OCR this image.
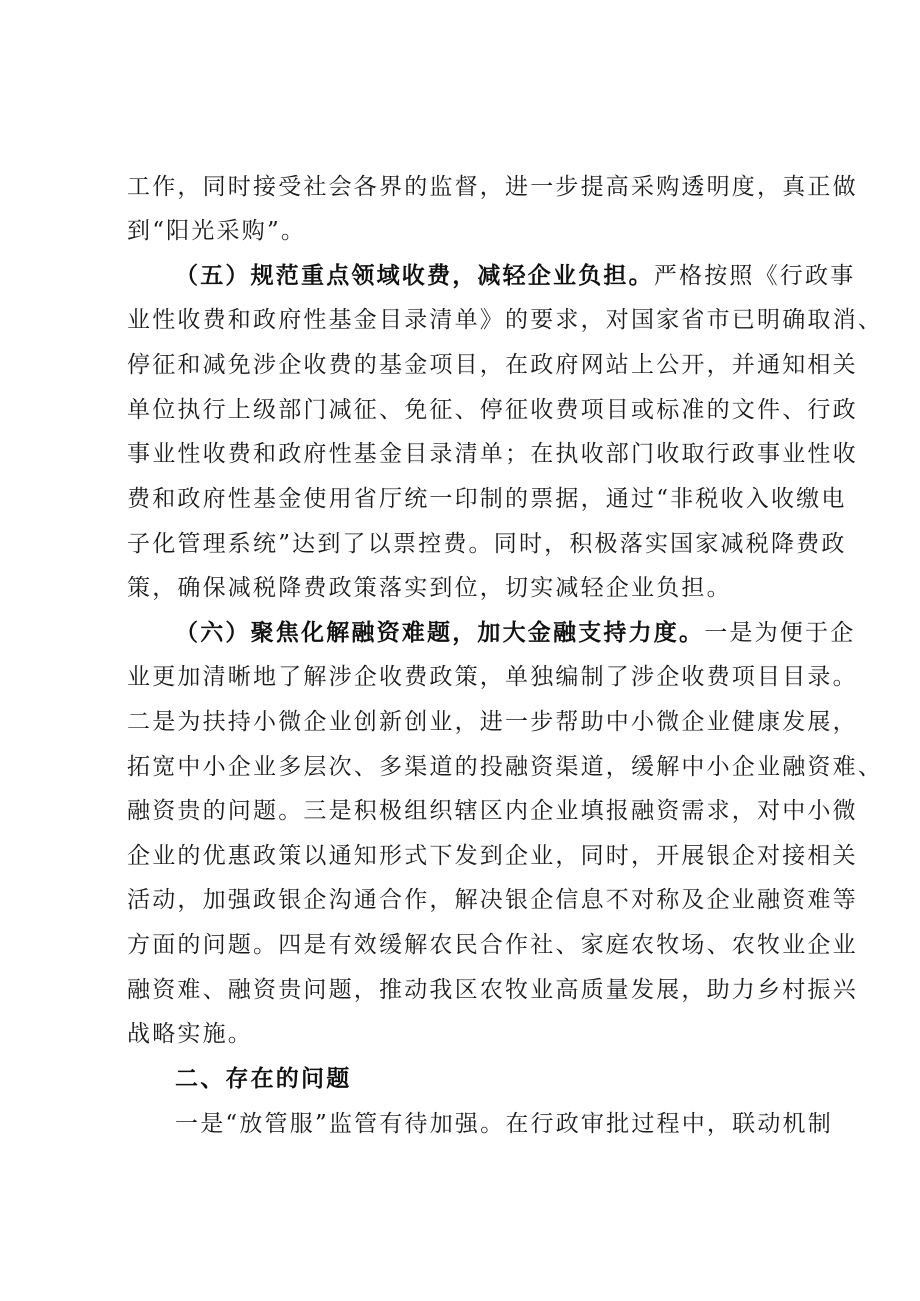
工作，同时接受社会各界的监督，进一步提高采购透明度，真正做
到“阳光采购”。
（五）规范重点领域收费，减轻企业负担。严格按照《行政事
业性收费和政府性基金目录清单》的要求，对国家省市已明确取消、
停征和减免涉企收费的基金项目，在政府网站上公开，并通知相关
单位执行上级部门减征、免征、停征收费项目或标准的文件、行政
事业性收费和政府性基金目录清单；在执收部门收取行政事业性收
费和政府性基金使用省厅统一印制的票据，通过“非税收入收缴电
子化管理系统”达到了以票控费。同时，积极落实国家减税降费政
策，确保减税降费政策落实到位，切实减轻企业负担。
（六）聚焦化解融资难题，加大金融支持力度。一是为便于企
业更加清晰地了解涉企收费政策，单独编制了涉企收费项目目录。
二是为扶持小微企业创新创业，进一步帮助中小微企业健康发展，
拓宽中小企业多层次、多渠道的投融资渠道，缓解中小企业融资难、
融资贵的问题。三是积极组织辖区内企业填报融资需求，对中小微
企业的优惠政策以通知形式下发到企业，同时，开展银企对接相关
活动，加强政银企沟通合作，解决银企信息不对称及企业融资难等
方面的问题。四是有效缓解农民合作社、家庭农牧场、农牧业企业
融资难、融资贵问题，推动我区农牧业高质量发展，助力乡村振兴
战略实施。
二、存在的问题
一是“放管服”监管有待加强。在行政审批过程中，联动机制
